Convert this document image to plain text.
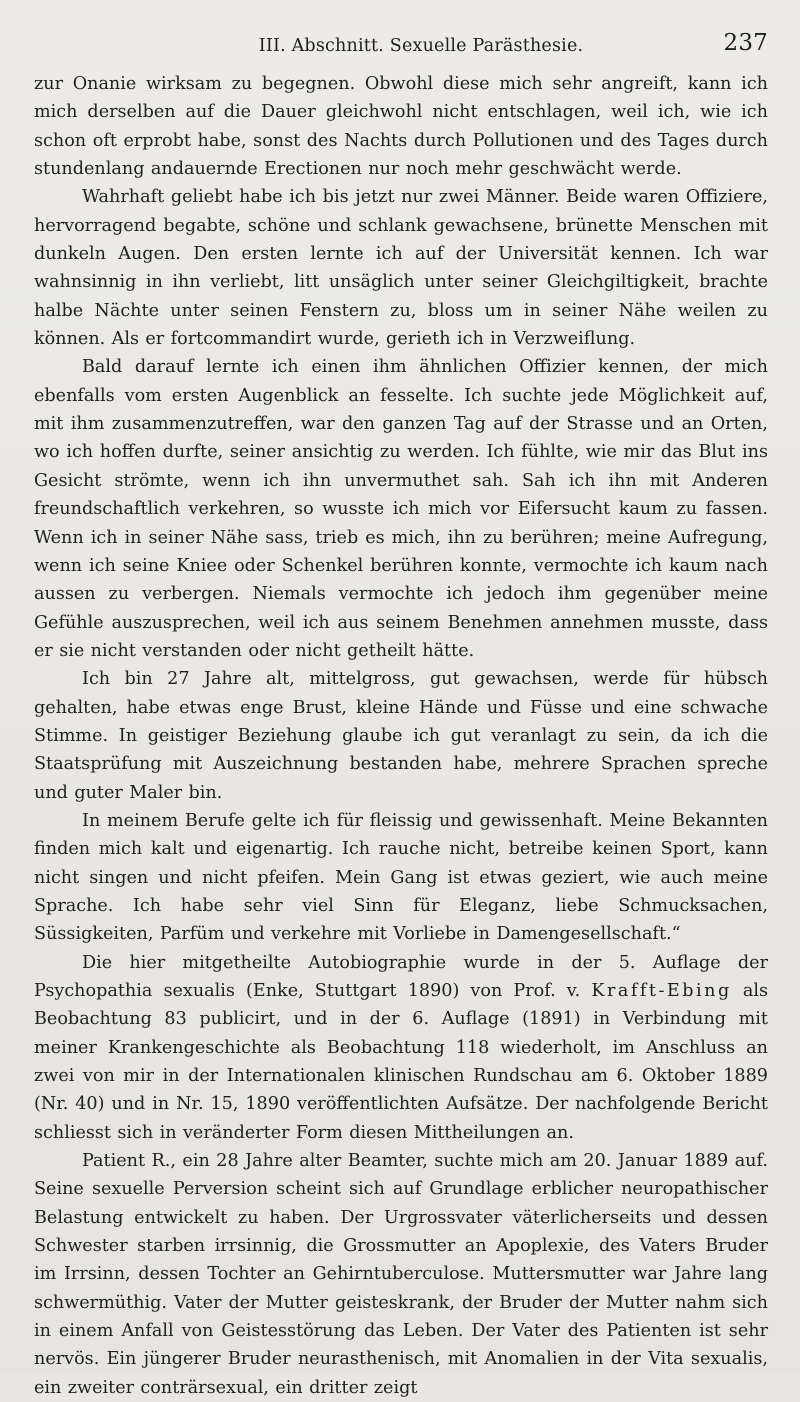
III. Abschnitt. Sexuelle Parästhesie.	237

zur Onanie wirksam zu begegnen. Obwohl diese mich sehr angreift, kann ich mich derselben auf die Dauer gleichwohl nicht entschlagen, weil ich, wie ich schon oft erprobt habe, sonst des Nachts durch Pollutionen und des Tages durch stundenlang andauernde Erectionen nur noch mehr geschwächt werde.

Wahrhaft geliebt habe ich bis jetzt nur zwei Männer. Beide waren Offiziere, hervorragend begabte, schöne und schlank gewachsene, brünette Menschen mit dunkeln Augen. Den ersten lernte ich auf der Universität kennen. Ich war wahnsinnig in ihn verliebt, litt unsäglich unter seiner Gleichgiltigkeit, brachte halbe Nächte unter seinen Fenstern zu, bloss um in seiner Nähe weilen zu können. Als er fortcommandirt wurde, gerieth ich in Verzweiflung.

Bald darauf lernte ich einen ihm ähnlichen Offizier kennen, der mich ebenfalls vom ersten Augenblick an fesselte. Ich suchte jede Möglichkeit auf, mit ihm zusammenzutreffen, war den ganzen Tag auf der Strasse und an Orten, wo ich hoffen durfte, seiner ansichtig zu werden. Ich fühlte, wie mir das Blut ins Gesicht strömte, wenn ich ihn unvermuthet sah. Sah ich ihn mit Anderen freundschaftlich verkehren, so wusste ich mich vor Eifersucht kaum zu fassen. Wenn ich in seiner Nähe sass, trieb es mich, ihn zu berühren; meine Aufregung, wenn ich seine Kniee oder Schenkel berühren konnte, vermochte ich kaum nach aussen zu verbergen. Niemals vermochte ich jedoch ihm gegenüber meine Gefühle auszusprechen, weil ich aus seinem Benehmen annehmen musste, dass er sie nicht verstanden oder nicht getheilt hätte.

Ich bin 27 Jahre alt, mittelgross, gut gewachsen, werde für hübsch gehalten, habe etwas enge Brust, kleine Hände und Füsse und eine schwache Stimme. In geistiger Beziehung glaube ich gut veranlagt zu sein, da ich die Staatsprüfung mit Auszeichnung bestanden habe, mehrere Sprachen spreche und guter Maler bin.

In meinem Berufe gelte ich für fleissig und gewissenhaft. Meine Bekannten finden mich kalt und eigenartig. Ich rauche nicht, betreibe keinen Sport, kann nicht singen und nicht pfeifen. Mein Gang ist etwas geziert, wie auch meine Sprache. Ich habe sehr viel Sinn für Eleganz, liebe Schmucksachen, Süssigkeiten, Parfüm und verkehre mit Vorliebe in Damengesellschaft.“

Die hier mitgetheilte Autobiographie wurde in der 5. Auflage der Psychopathia sexualis (Enke, Stuttgart 1890) von Prof. v. Krafft-Ebing als Beobachtung 83 publicirt, und in der 6. Auflage (1891) in Verbindung mit meiner Krankengeschichte als Beobachtung 118 wiederholt, im Anschluss an zwei von mir in der Internationalen klinischen Rundschau am 6. Oktober 1889 (Nr. 40) und in Nr. 15, 1890 veröffentlichten Aufsätze. Der nachfolgende Bericht schliesst sich in veränderter Form diesen Mittheilungen an.

Patient R., ein 28 Jahre alter Beamter, suchte mich am 20. Januar 1889 auf. Seine sexuelle Perversion scheint sich auf Grundlage erblicher neuropathischer Belastung entwickelt zu haben. Der Urgrossvater väterlicherseits und dessen Schwester starben irrsinnig, die Grossmutter an Apoplexie, des Vaters Bruder im Irrsinn, dessen Tochter an Gehirntuberculose. Muttersmutter war Jahre lang schwermüthig. Vater der Mutter geisteskrank, der Bruder der Mutter nahm sich in einem Anfall von Geistesstörung das Leben. Der Vater des Patienten ist sehr nervös. Ein jüngerer Bruder neurasthenisch, mit Anomalien in der Vita sexualis, ein zweiter conträrsexual, ein dritter zeigt
